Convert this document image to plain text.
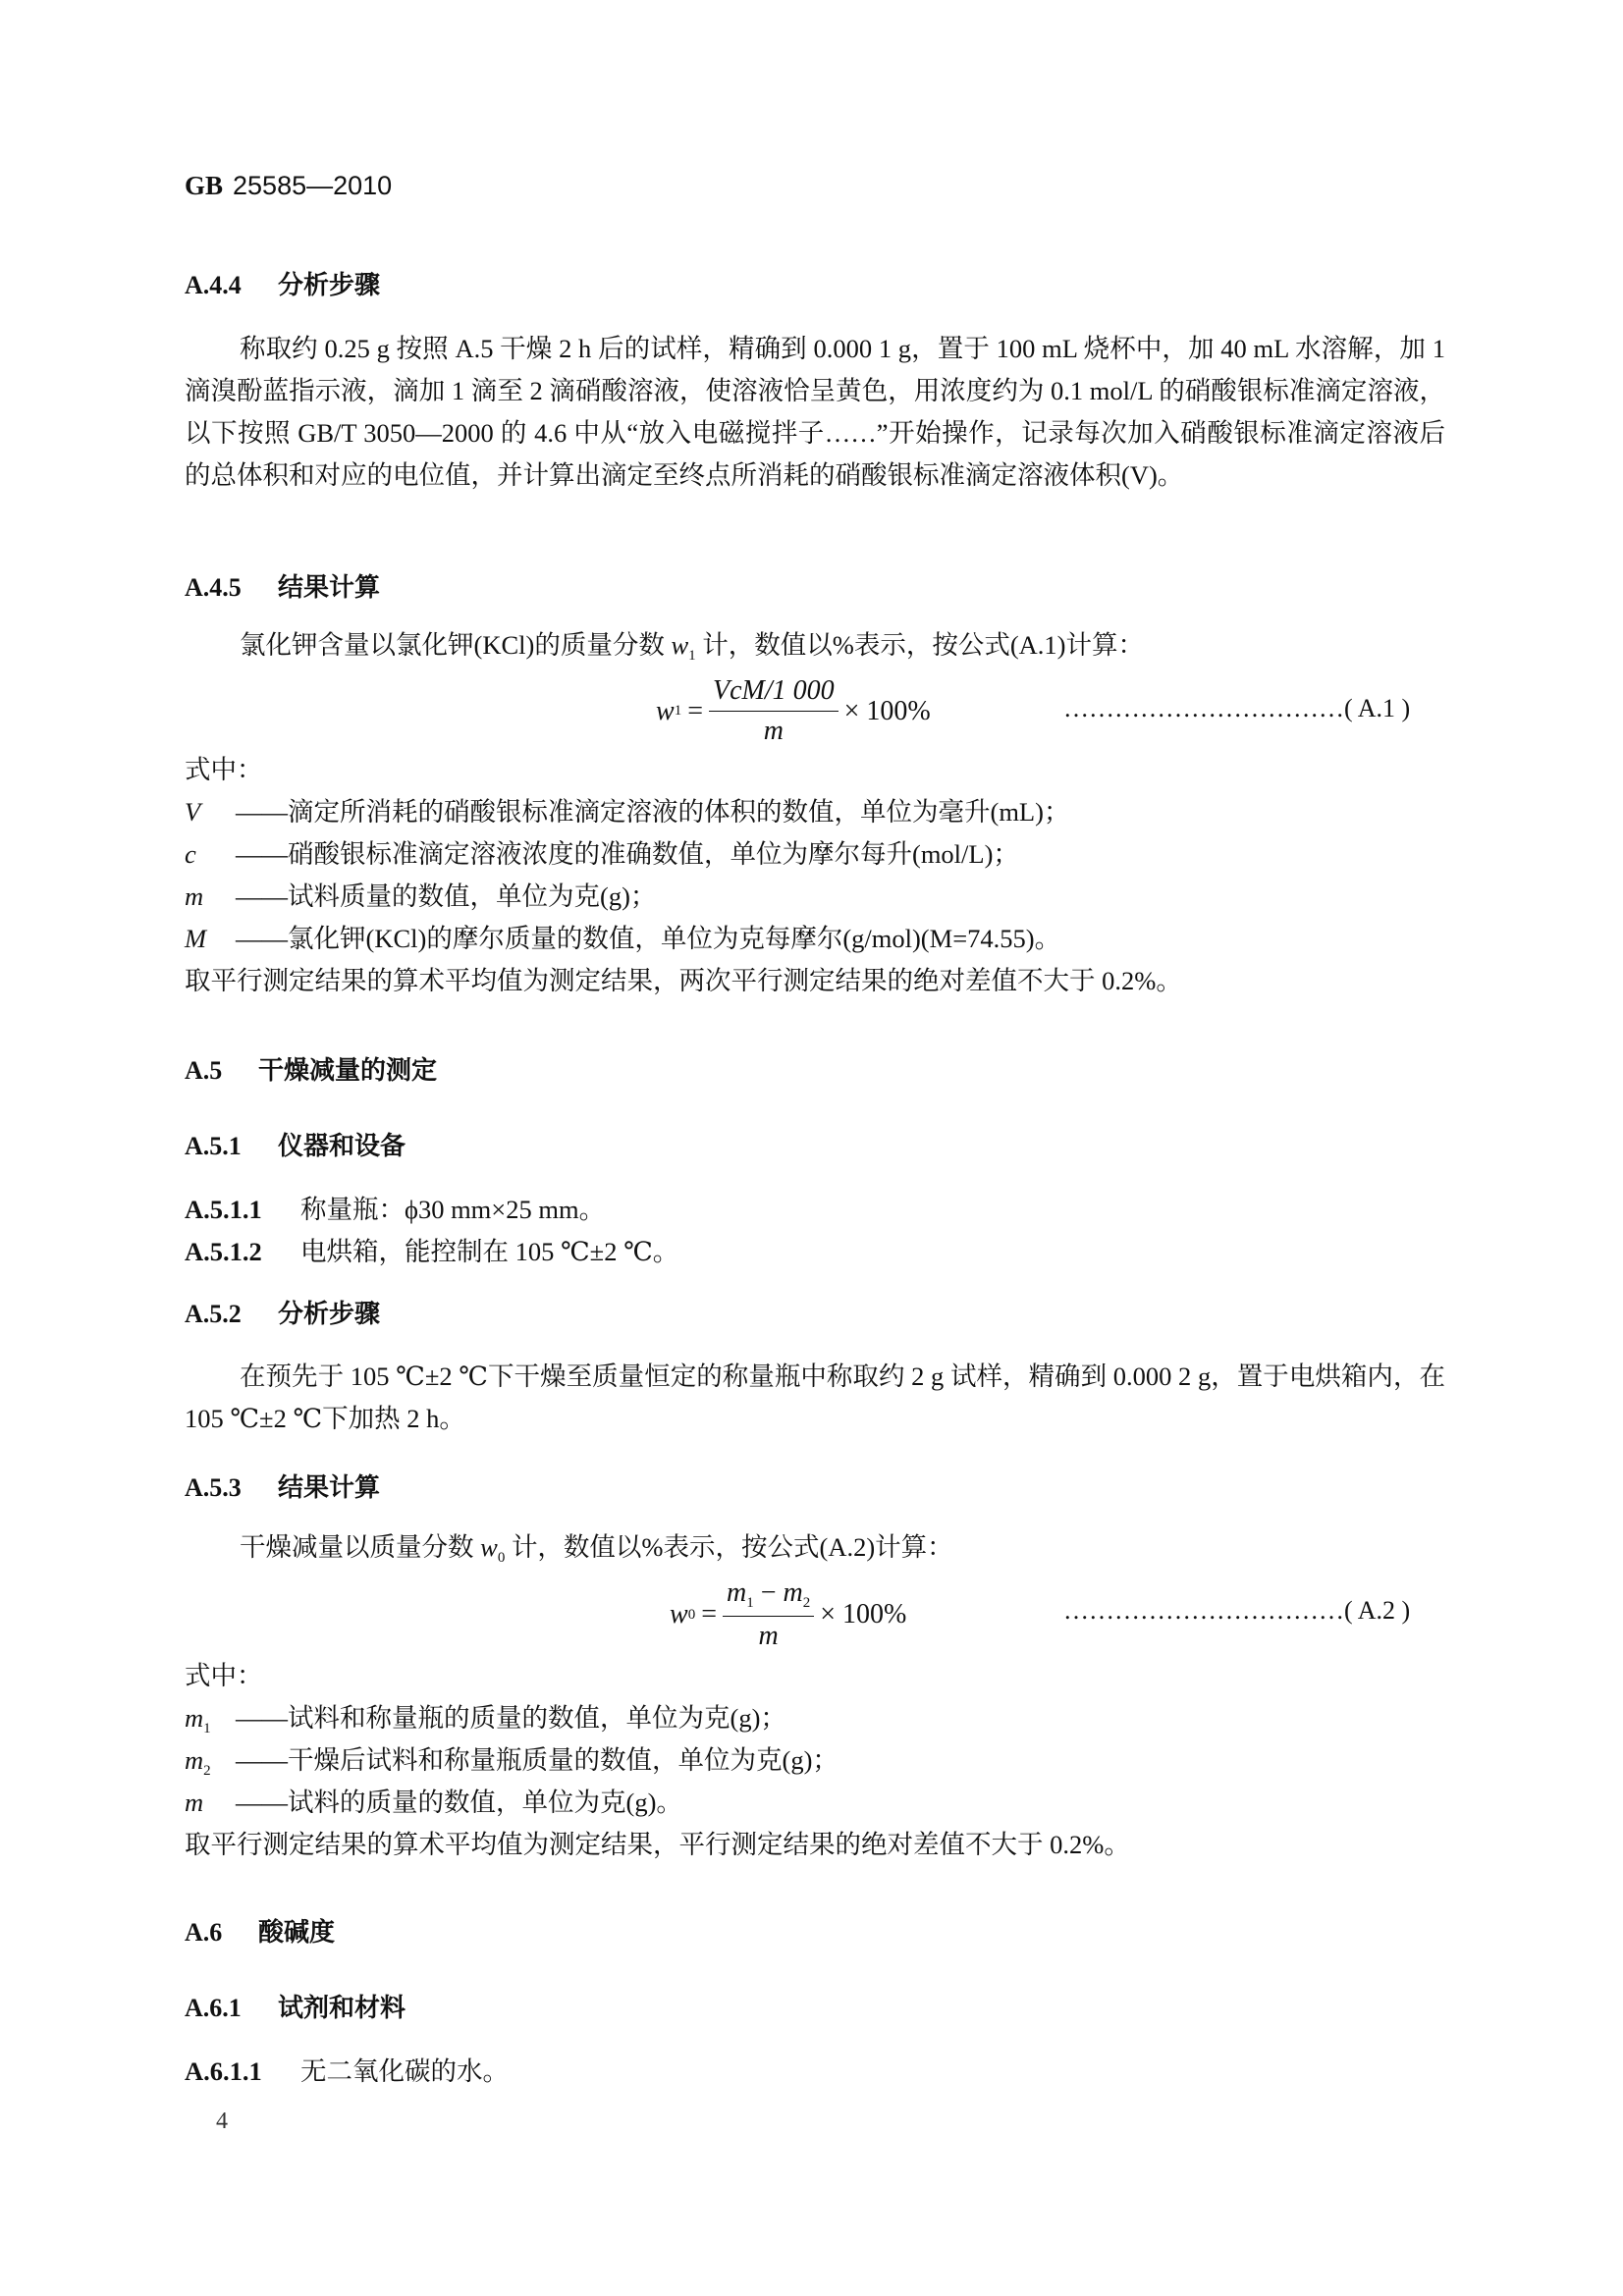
GB 25585—2010
A.4.4 分析步骤
称取约 0.25 g 按照 A.5 干燥 2 h 后的试样，精确到 0.000 1 g，置于 100 mL 烧杯中，加 40 mL 水溶解，加 1 滴溴酚蓝指示液，滴加 1 滴至 2 滴硝酸溶液，使溶液恰呈黄色，用浓度约为 0.1 mol/L 的硝酸银标准滴定溶液，以下按照 GB/T 3050—2000 的 4.6 中从“放入电磁搅拌子……”开始操作，记录每次加入硝酸银标准滴定溶液后的总体积和对应的电位值，并计算出滴定至终点所消耗的硝酸银标准滴定溶液体积(V)。
A.4.5 结果计算
氯化钾含量以氯化钾(KCl)的质量分数 $w_1$ 计，数值以%表示，按公式(A.1)计算：
w $1 = \frac{\text{VcM/1 000}}{m} \times 100\%$	……………………………( A.1 )
式中：
V ——滴定所消耗的硝酸银标准滴定溶液的体积的数值，单位为毫升(mL)；
c ——硝酸银标准滴定溶液浓度的准确数值，单位为摩尔每升(mol/L)；
m ——试料质量的数值，单位为克(g)；
M ——氯化钾(KCl)的摩尔质量的数值，单位为克每摩尔(g/mol)(M=74.55)。
取平行测定结果的算术平均值为测定结果，两次平行测定结果的绝对差值不大于 0.2%。
A.5 干燥减量的测定
A.5.1 仪器和设备
A.5.1.1 称量瓶：ϕ30 mm×25 mm。
A.5.1.2 电烘箱，能控制在 105 ℃±2 ℃。
A.5.2 分析步骤
在预先于 105 ℃±2 ℃下干燥至质量恒定的称量瓶中称取约 2 g 试样，精确到 0.000 2 g，置于电烘箱内，在 105 ℃±2 ℃下加热 2 h。
A.5.3 结果计算
干燥减量以质量分数 $w_0$ 计，数值以%表示，按公式(A.2)计算：
w $0 = \frac{m_1 - m_2}{m} \times 100\%$	……………………………( A.2 )
式中：
$m_1$ ——试料和称量瓶的质量的数值，单位为克(g)；
$m_2$ ——干燥后试料和称量瓶质量的数值，单位为克(g)；
m ——试料的质量的数值，单位为克(g)。
取平行测定结果的算术平均值为测定结果，平行测定结果的绝对差值不大于 0.2%。
A.6 酸碱度
A.6.1 试剂和材料
A.6.1.1 无二氧化碳的水。
4
